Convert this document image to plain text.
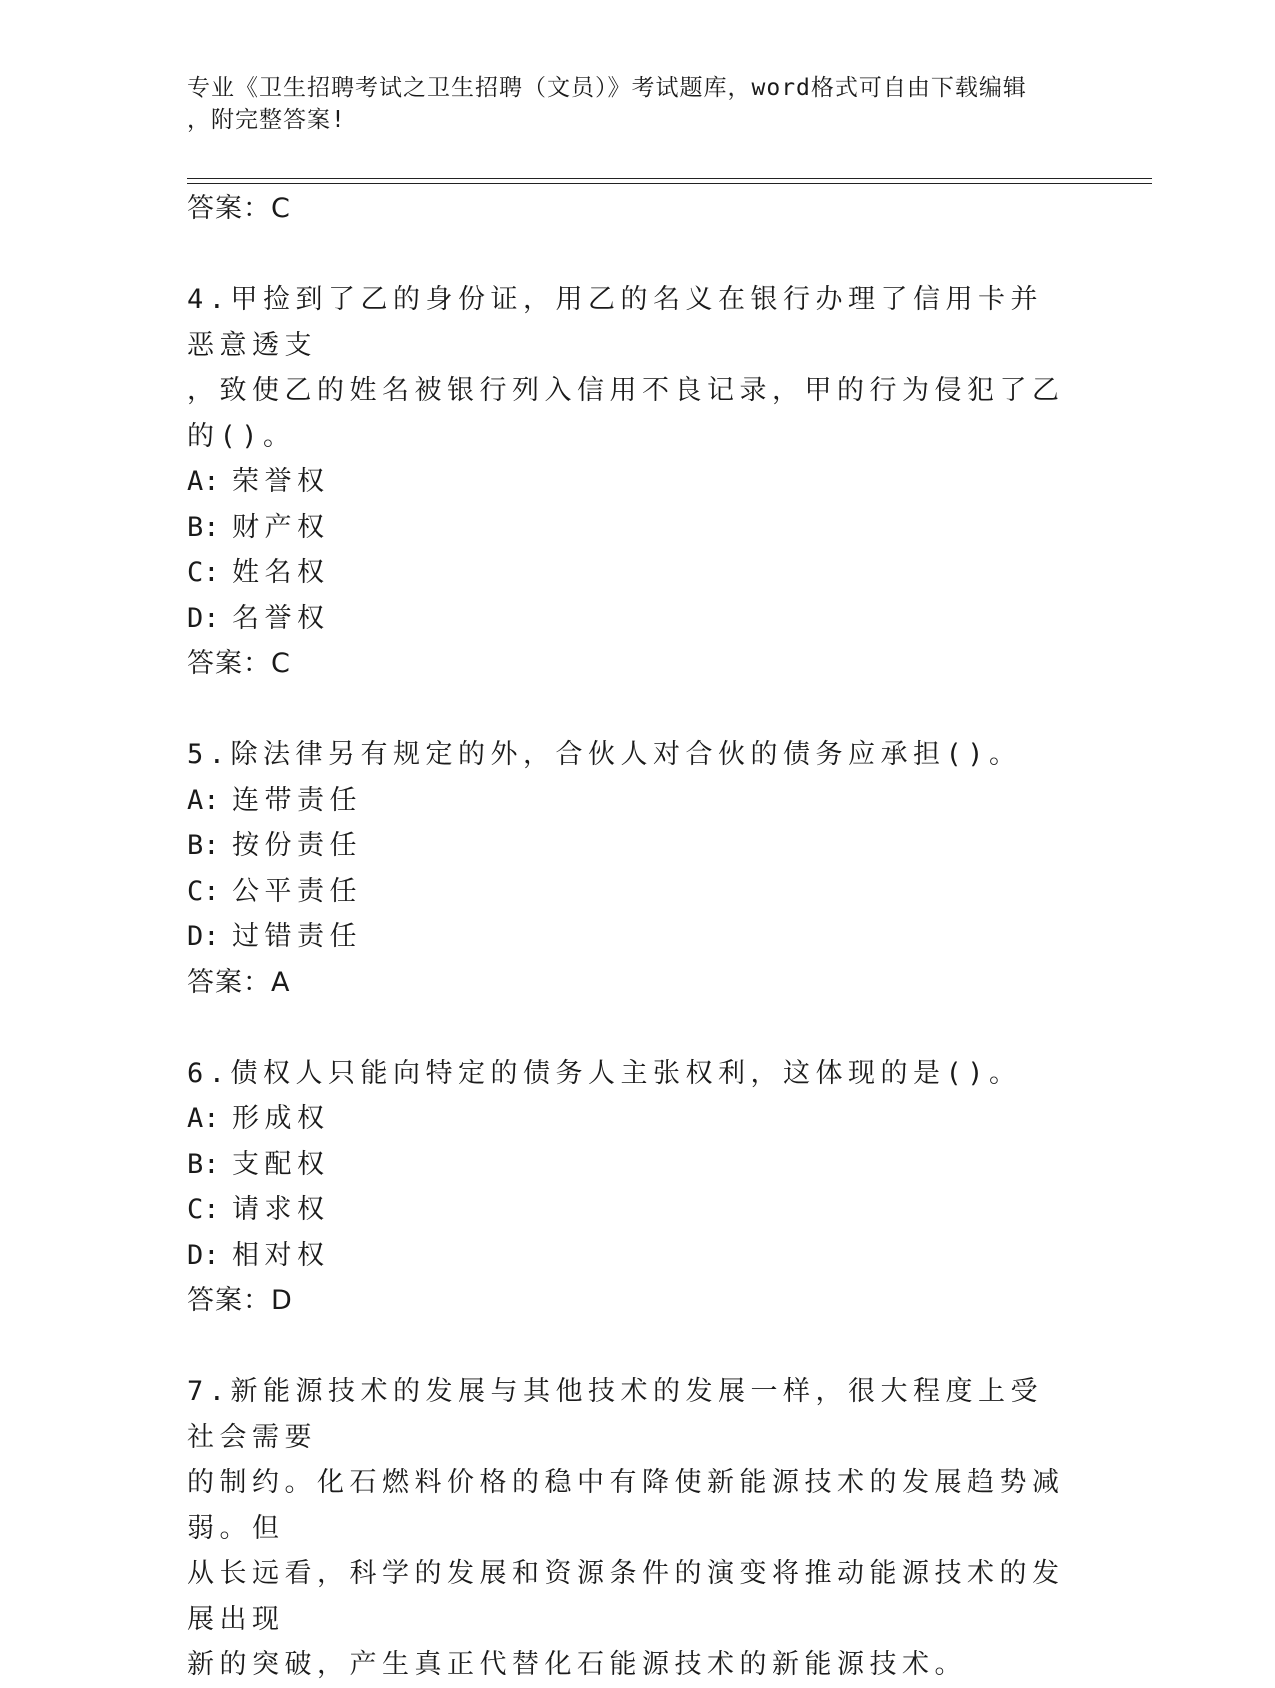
专业《卫生招聘考试之卫生招聘（文员）》考试题库，word格式可自由下载编辑
，附完整答案!
答案：C
4.甲捡到了乙的身份证，用乙的名义在银行办理了信用卡并恶意透支
，致使乙的姓名被银行列入信用不良记录，甲的行为侵犯了乙的()。
A: 荣誉权
B: 财产权
C: 姓名权
D: 名誉权
答案：C
5.除法律另有规定的外，合伙人对合伙的债务应承担()。
A: 连带责任
B: 按份责任
C: 公平责任
D: 过错责任
答案：A
6.债权人只能向特定的债务人主张权利，这体现的是()。
A: 形成权
B: 支配权
C: 请求权
D: 相对权
答案：D
7.新能源技术的发展与其他技术的发展一样，很大程度上受社会需要
的制约。化石燃料价格的稳中有降使新能源技术的发展趋势减弱。但
从长远看，科学的发展和资源条件的演变将推动能源技术的发展出现
新的突破，产生真正代替化石能源技术的新能源技术。
